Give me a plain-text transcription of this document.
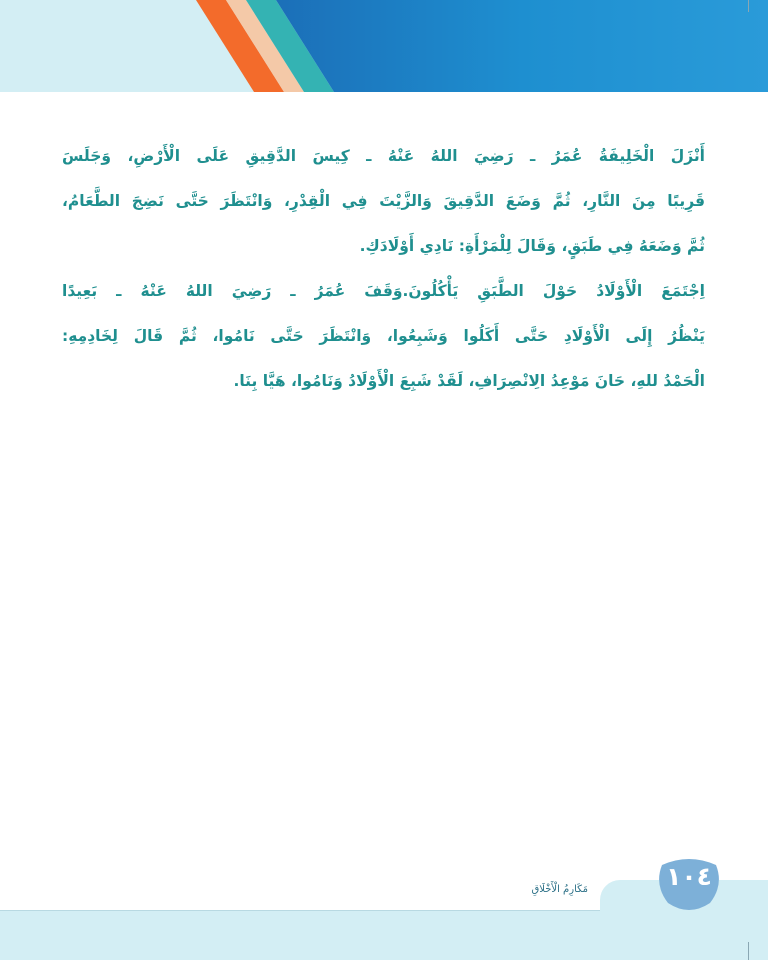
أَنْزَلَ الْخَلِيفَةُ عُمَرُ ـ رَضِيَ اللهُ عَنْهُ ـ كِيسَ الدَّقِيقِ عَلَى الْأَرْضِ، وَجَلَسَ
قَرِيبًا مِنَ النَّارِ، ثُمَّ وَضَعَ الدَّقِيقَ وَالزَّيْتَ فِي الْقِدْرِ، وَانْتَظَرَ حَتَّى نَضِجَ الطَّعَامُ،
ثُمَّ وَضَعَهُ فِي طَبَقٍ، وَقَالَ لِلْمَرْأَةِ: نَادِي أَوْلَادَكِ.
اِجْتَمَعَ الْأَوْلَادُ حَوْلَ الطَّبَقِ يَأْكُلُونَ.وَقَفَ عُمَرُ ـ رَضِيَ اللهُ عَنْهُ ـ بَعِيدًا
يَنْظُرُ إِلَى الْأَوْلَادِ حَتَّى أَكَلُوا وَشَبِعُوا، وَانْتَظَرَ حَتَّى نَامُوا، ثُمَّ قَالَ لِخَادِمِهِ:
الْحَمْدُ للهِ، حَانَ مَوْعِدُ الِانْصِرَافِ، لَقَدْ شَبِعَ الْأَوْلَادُ وَنَامُوا، هَيَّا بِنَا.
١٠٤
مَكَارِمُ الْأَخْلَاقِ
